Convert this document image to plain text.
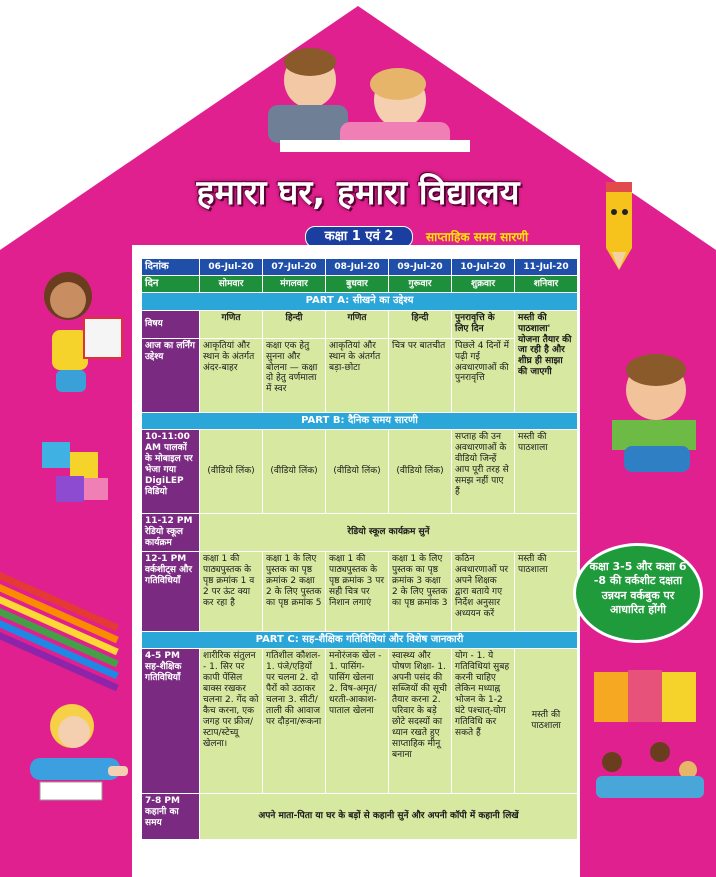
हमारा घर, हमारा विद्यालय
कक्षा 1 एवं 2	साप्ताहिक समय सारणी
दिनांक	06-Jul-20	07-Jul-20	08-Jul-20	09-Jul-20	10-Jul-20	11-Jul-20
दिन	सोमवार	मंगलवार	बुधवार	गुरूवार	शुक्रवार	शनिवार
PART A: सीखने का उद्देश्य						
विषय	गणित	हिन्दी	गणित	हिन्दी	पुनरावृत्ति के लिए दिन	मस्ती की पाठशाला' योजना तैयार की जा रही है और शीघ्र ही साझा की जाएगी
आज का लर्निंग उद्देश्य	आकृतियां और स्थान के अंतर्गत अंदर-बाहर	कक्षा एक हेतु सुनना और बोलना — कक्षा दो हेतु वर्णमाला में स्वर	आकृतियां और स्थान के अंतर्गत बड़ा-छोटा	चित्र पर बातचीत	पिछले 4 दिनों में पढ़ी गई अवधारणाओं की पुनरावृत्ति	
PART B: दैनिक समय सारणी						
10-11:00 AM पालकों के मोबाइल पर भेजा गया DigiLEP विडियो	(वीडियो लिंक)	(वीडियो लिंक)	(वीडियो लिंक)	(वीडियो लिंक)	सप्ताह की उन अवधारणाओं के वीडियो जिन्हें आप पूरी तरह से समझ नहीं पाए हैं	मस्ती की पाठशाला
11-12 PM रेडियो स्कूल कार्यक्रम	रेडियो स्कूल कार्यक्रम सुनें					
12-1 PM वर्कशीट्स और गतिविधियाँ	कक्षा 1 की पाठ्यपुस्तक के पृष्ठ क्रमांक 1 व 2 पर ऊंट क्या कर रहा है	कक्षा 1 के लिए पुस्तक का पृष्ठ क्रमांक 2 कक्षा 2 के लिए पुस्तक का पृष्ठ क्रमांक 5	कक्षा 1 की पाठ्यपुस्तक के पृष्ठ क्रमांक 3 पर सही चित्र पर निशान लगाएं	कक्षा 1 के लिए पुस्तक का पृष्ठ क्रमांक 3 कक्षा 2 के लिए पुस्तक का पृष्ठ क्रमांक 3	कठिन अवधारणाओं पर अपने शिक्षक द्वारा बताये गए निर्देश अनुसार अध्ययन करें	मस्ती की पाठशाला
PART C: सह-शैक्षिक गतिविधियां और विशेष जानकारी						
4-5 PM सह-शैक्षिक गतिविधियाँ	शारीरिक संतुलन - 1. सिर पर कापी पेंसिल बाक्स रखकर चलना 2. गेंद को कैच करना, एक जगह पर फ्रीज/स्टाप/स्टेच्यू खेलना।	गतिशील कौशल- 1. पंजे/एड़ियों पर चलना 2. दो पैरों को उठाकर चलना 3. सीटी/ताली की आवाज पर दौड़ना/रूकना	मनोरंजक खेल - 1. पासिंग-पासिंग खेलना 2. विष-अमृत/धरती-आकाश-पाताल खेलना	स्वास्थ्य और पोषण शिक्षा- 1. अपनी पसंद की सब्जियों की सूची तैयार करना 2. परिवार के बड़े छोटे सदस्यों का ध्यान रखते हुए साप्ताहिक मीनू बनाना	योग - 1. ये गतिविधियां सुबह करनी चाहिए लेकिन मध्याह्न भोजन के 1-2 घंटे पश्चात्-योग गतिविधि कर सकते हैं	मस्ती की पाठशाला
7-8 PM कहानी का समय	अपने माता-पिता या घर के बड़ों से कहानी सुनें और अपनी कॉपी में कहानी लिखें					
कक्षा 3-5 और कक्षा 6 -8 की वर्कशीट दक्षता उन्नयन वर्कबुक पर आधारित होंगी
